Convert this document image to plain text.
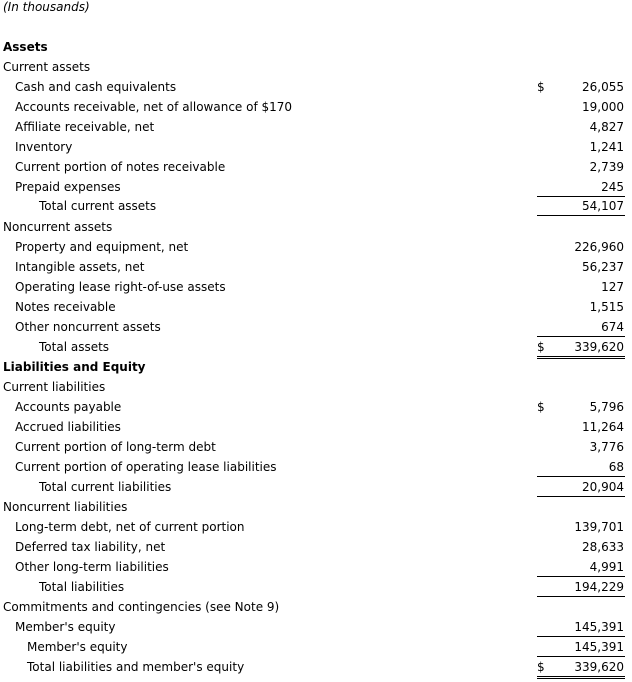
(In thousands)
Assets
Current assets
Cash and cash equivalents	$	26,055
Accounts receivable, net of allowance of $170	19,000
Affiliate receivable, net	4,827
Inventory	1,241
Current portion of notes receivable	2,739
Prepaid expenses	245
Total current assets	54,107
Noncurrent assets
Property and equipment, net	226,960
Intangible assets, net	56,237
Operating lease right-of-use assets	127
Notes receivable	1,515
Other noncurrent assets	674
Total assets	$ 339,620
Liabilities and Equity
Current liabilities
Accounts payable	$	5,796
Accrued liabilities	11,264
Current portion of long-term debt	3,776
Current portion of operating lease liabilities	68
Total current liabilities	20,904
Noncurrent liabilities
Long-term debt, net of current portion	139,701
Deferred tax liability, net	28,633
Other long-term liabilities	4,991
Total liabilities	194,229
Commitments and contingencies (see Note 9)
Member's equity	145,391
Member's equity	145,391
Total liabilities and member's equity	$ 339,620
